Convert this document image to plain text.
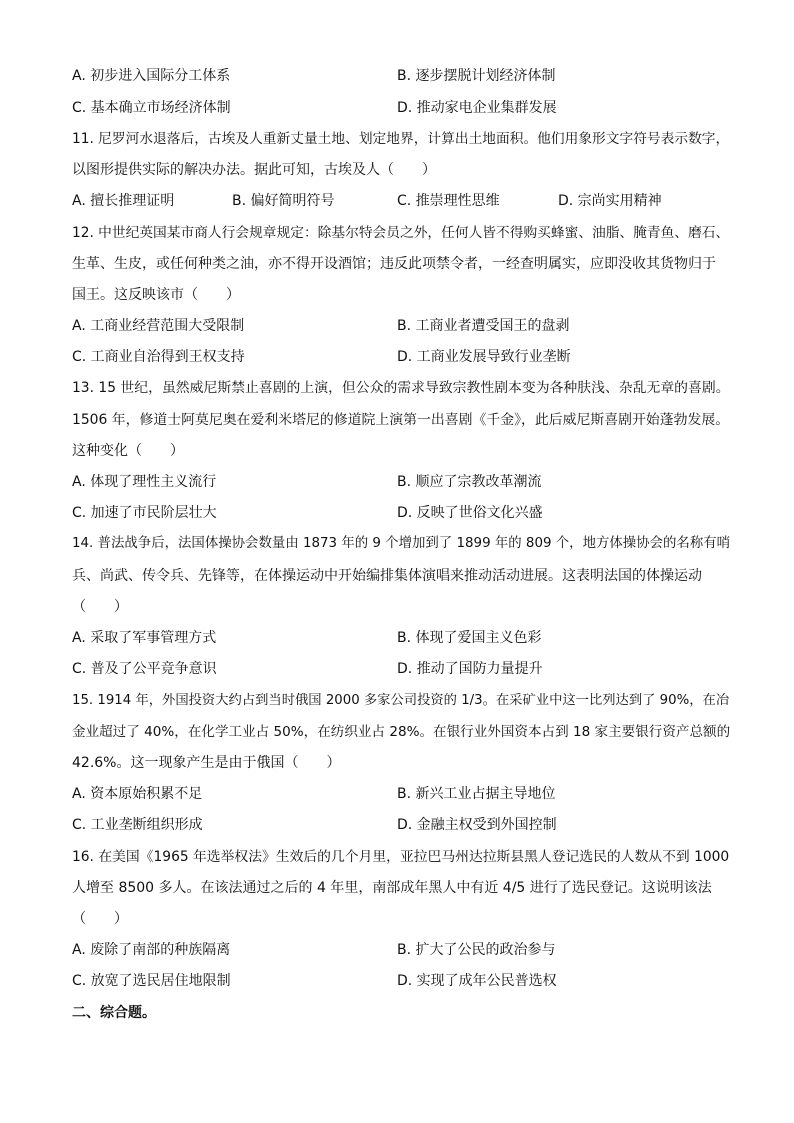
A. 初步进入国际分工体系	B. 逐步摆脱计划经济体制
C. 基本确立市场经济体制	D. 推动家电企业集群发展
11. 尼罗河水退落后，古埃及人重新丈量土地、划定地界，计算出土地面积。他们用象形文字符号表示数字，
以图形提供实际的解决办法。据此可知，古埃及人（　　）
A. 擅长推理证明	B. 偏好简明符号	C. 推崇理性思维	D. 宗尚实用精神
12. 中世纪英国某市商人行会规章规定：除基尔特会员之外，任何人皆不得购买蜂蜜、油脂、腌青鱼、磨石、
生革、生皮，或任何种类之油，亦不得开设酒馆；违反此项禁令者，一经查明属实，应即没收其货物归于
国王。这反映该市（　　）
A. 工商业经营范围大受限制	B. 工商业者遭受国王的盘剥
C. 工商业自治得到王权支持	D. 工商业发展导致行业垄断
13. 15 世纪，虽然威尼斯禁止喜剧的上演，但公众的需求导致宗教性剧本变为各种肤浅、杂乱无章的喜剧。
1506 年，修道士阿莫尼奥在爱利米塔尼的修道院上演第一出喜剧《千金》，此后威尼斯喜剧开始蓬勃发展。
这种变化（　　）
A. 体现了理性主义流行	B. 顺应了宗教改革潮流
C. 加速了市民阶层壮大	D. 反映了世俗文化兴盛
14. 普法战争后，法国体操协会数量由 1873 年的 9 个增加到了 1899 年的 809 个，地方体操协会的名称有哨
兵、尚武、传令兵、先锋等，在体操运动中开始编排集体演唱来推动活动进展。这表明法国的体操运动
（　　）
A. 采取了军事管理方式	B. 体现了爱国主义色彩
C. 普及了公平竞争意识	D. 推动了国防力量提升
15. 1914 年，外国投资大约占到当时俄国 2000 多家公司投资的 1/3。在采矿业中这一比列达到了 90%，在冶
金业超过了 40%，在化学工业占 50%，在纺织业占 28%。在银行业外国资本占到 18 家主要银行资产总额的
42.6%。这一现象产生是由于俄国（　　）
A. 资本原始积累不足	B. 新兴工业占据主导地位
C. 工业垄断组织形成	D. 金融主权受到外国控制
16. 在美国《1965 年选举权法》生效后的几个月里，亚拉巴马州达拉斯县黑人登记选民的人数从不到 1000
人增至 8500 多人。在该法通过之后的 4 年里，南部成年黑人中有近 4/5 进行了选民登记。这说明该法
（　　）
A. 废除了南部的种族隔离	B. 扩大了公民的政治参与
C. 放宽了选民居住地限制	D. 实现了成年公民普选权
二、综合题。
